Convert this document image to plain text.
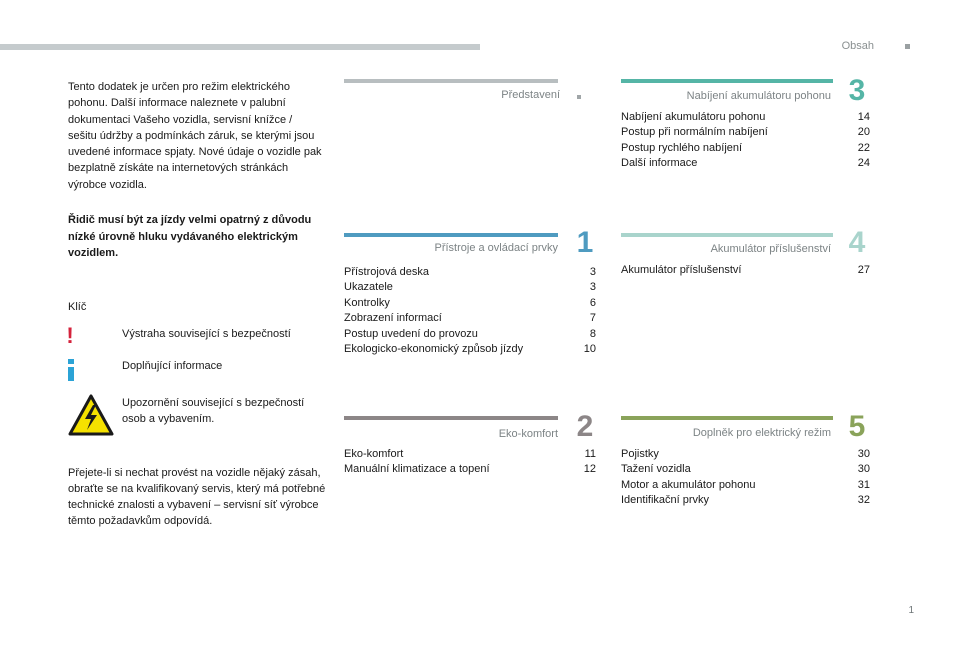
Obsah
Tento dodatek je určen pro režim elektrického pohonu. Další informace naleznete v palubní dokumentaci Vašeho vozidla, servisní knížce / sešitu údržby a podmínkách záruk, se kterými jsou uvedené informace spjaty. Nové údaje o vozidle pak bezplatně získáte na internetových stránkách výrobce vozidla.
Řidič musí být za jízdy velmi opatrný z důvodu nízké úrovně hluku vydávaného elektrickým vozidlem.
Klíč
!	Výstraha související s bezpečností
Doplňující informace
Upozornění související s bezpečností osob a vybavením.
Přejete-li si nechat provést na vozidle nějaký zásah, obraťte se na kvalifikovaný servis, který má potřebné technické znalosti a vybavení – servisní síť výrobce těmto požadavkům odpovídá.
Představení
Přístroje a ovládací prvky 1
Přístrojová deska	3
Ukazatele	3
Kontrolky	6
Zobrazení informací	7
Postup uvedení do provozu	8
Ekologicko-ekonomický způsob jízdy	10
Eko-komfort 2
Eko-komfort	11
Manuální klimatizace a topení	12
Nabíjení akumulátoru pohonu 3
Nabíjení akumulátoru pohonu	14
Postup při normálním nabíjení	20
Postup rychlého nabíjení	22
Další informace	24
Akumulátor příslušenství 4
Akumulátor příslušenství	27
Doplněk pro elektrický režim 5
Pojistky	30
Tažení vozidla	30
Motor a akumulátor pohonu	31
Identifikační prvky	32
1
